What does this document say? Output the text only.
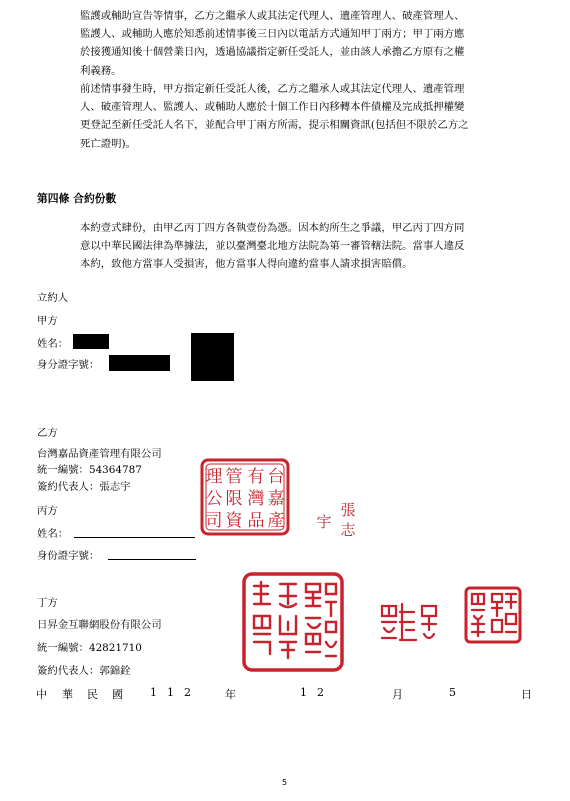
監護或輔助宣告等情事，乙方之繼承人或其法定代理人、遺產管理人、破產管理人、

監護人、或輔助人應於知悉前述情事後三日內以電話方式通知甲丁兩方；甲丁兩方應

於接獲通知後十個營業日內，透過協議指定新任受託人，並由該人承擔乙方原有之權

利義務。

前述情事發生時，甲方指定新任受託人後，乙方之繼承人或其法定代理人、遺產管理

人、破產管理人、監護人、或輔助人應於十個工作日內移轉本件債權及完成抵押權變

更登記至新任受託人名下，並配合甲丁兩方所需，提示相關資訊(包括但不限於乙方之

死亡證明)。

第四條 合約份數

本約壹式肆份，由甲乙丙丁四方各執壹份為憑。因本約所生之爭議，甲乙丙丁四方同

意以中華民國法律為準據法，並以臺灣臺北地方法院為第一審管轄法院。當事人違反

本約，致他方當事人受損害，他方當事人得向違約當事人請求損害賠償。

立約人
甲方
姓名：
身分證字號：
乙方
台灣嘉品資產管理有限公司
統一編號：54364787
簽約代表人：張志宇	台
嘉
產
有
灣
品
管
限
資
理
公
司
張
志
宇
丙方
姓名：
身份證字號：
丁方
日昇金互聯網股份有限公司
統一編號：42821710
簽約代表人：郭錦銓
中 華 民 國 1 1 2	年	1 2	月	5	日
5
